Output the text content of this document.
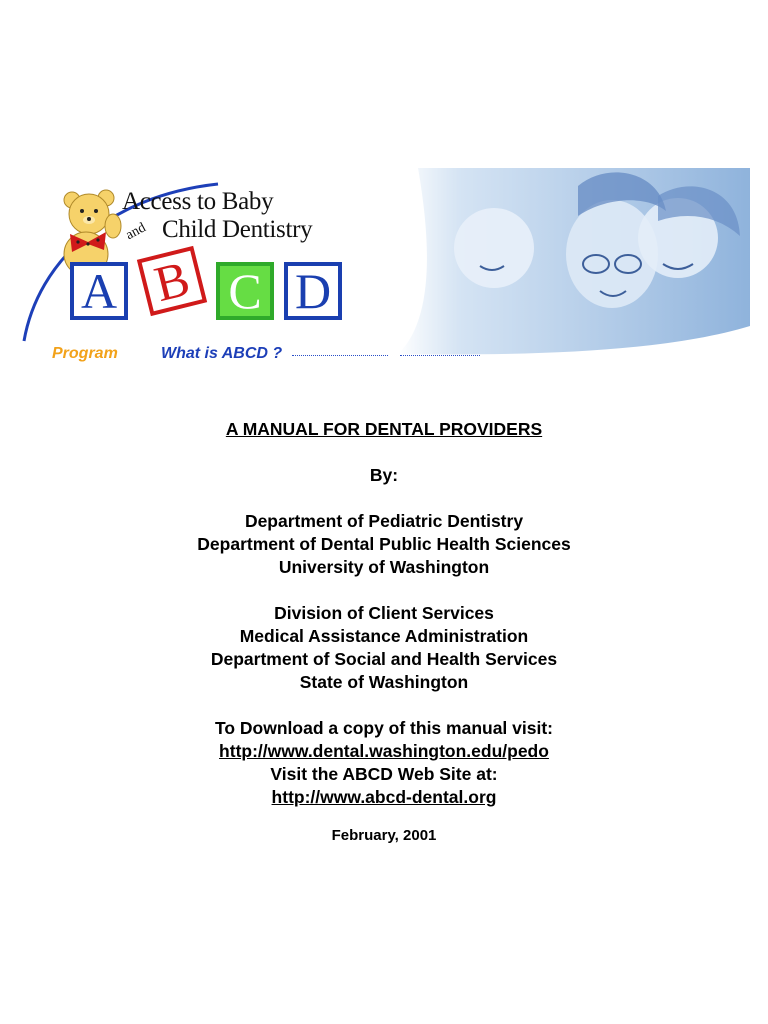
Access to Baby
and Child Dentistry
A B C D
Program	What is ABCD ?

A MANUAL FOR DENTAL PROVIDERS

By:

Department of Pediatric Dentistry

Department of Dental Public Health Sciences

University of Washington

Division of Client Services

Medical Assistance Administration

Department of Social and Health Services

State of Washington

To Download a copy of this manual visit:

http://www.dental.washington.edu/pedo

Visit the ABCD Web Site at:

http://www.abcd-dental.org

February, 2001
